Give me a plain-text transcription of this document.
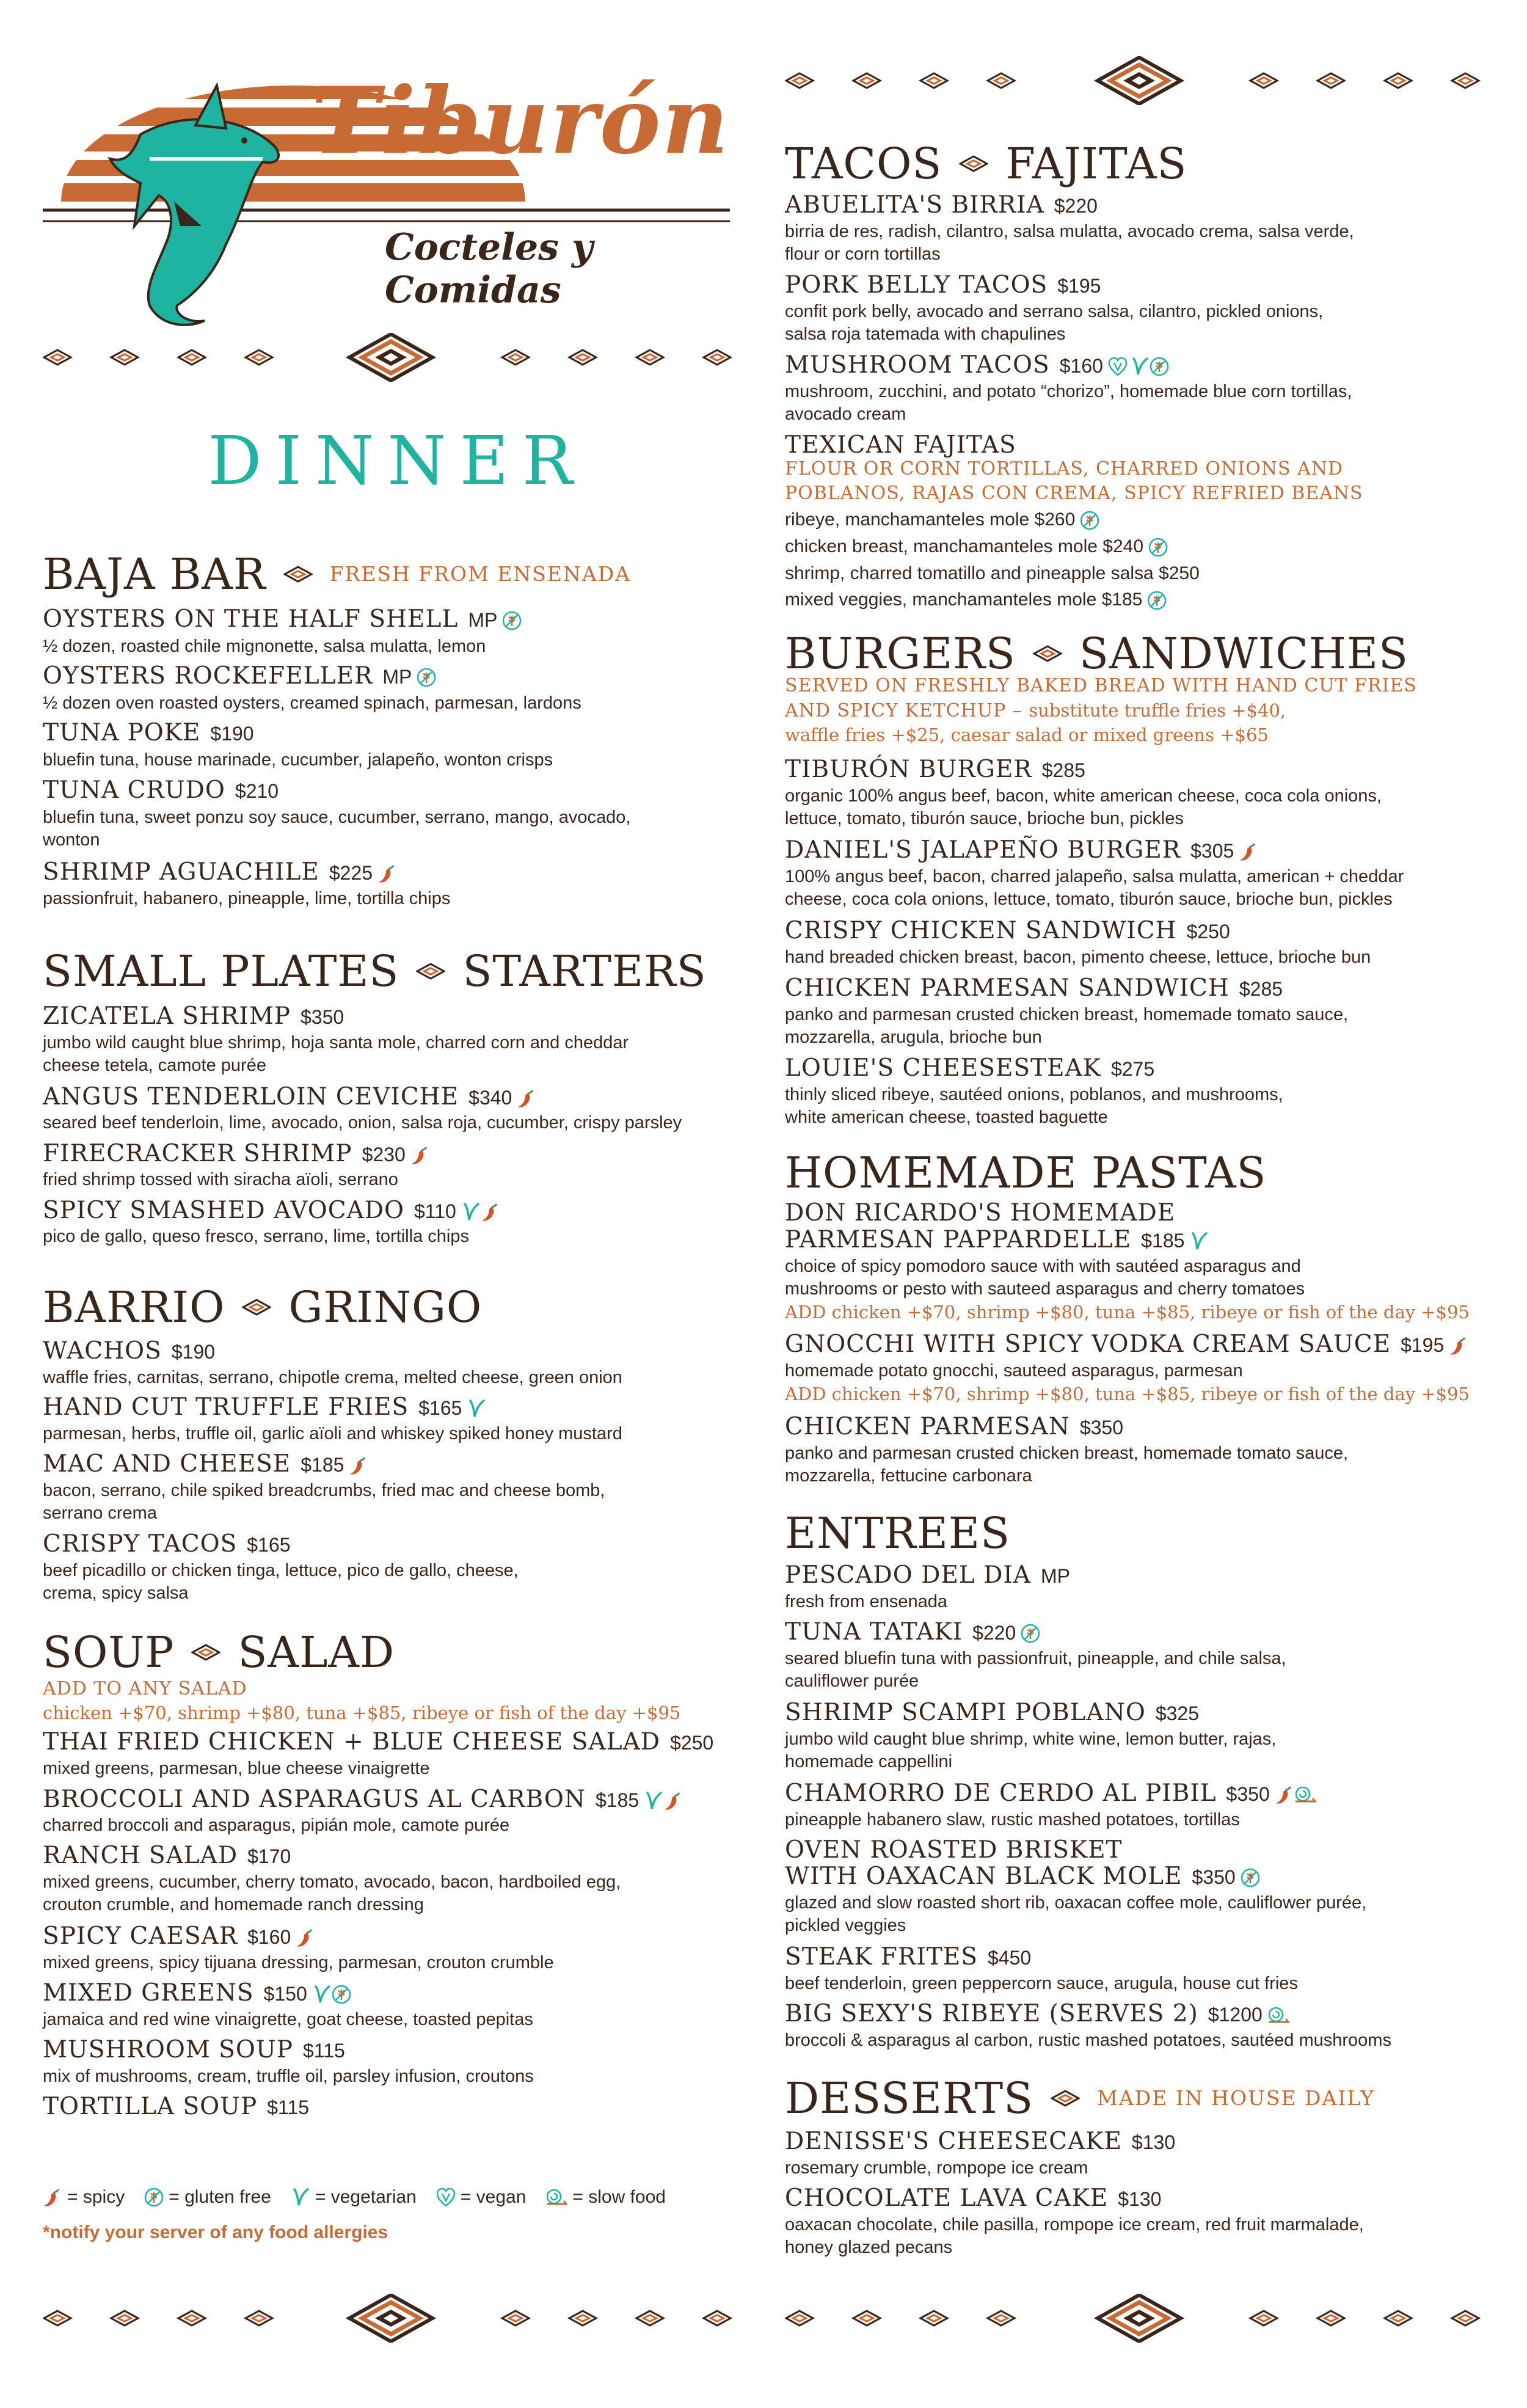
Tiburón
Cocteles y Comidas
DINNER
BAJA BAR	FRESH FROM ENSENADA
OYSTERS ON THE HALF SHELL MP
½ dozen, roasted chile mignonette, salsa mulatta, lemon
OYSTERS ROCKEFELLER MP
½ dozen oven roasted oysters, creamed spinach, parmesan, lardons
TUNA POKE $190
bluefin tuna, house marinade, cucumber, jalapeño, wonton crisps
TUNA CRUDO $210
bluefin tuna, sweet ponzu soy sauce, cucumber, serrano, mango, avocado,
wonton
SHRIMP AGUACHILE $225
passionfruit, habanero, pineapple, lime, tortilla chips
SMALL PLATES STARTERS
ZICATELA SHRIMP $350
jumbo wild caught blue shrimp, hoja santa mole, charred corn and cheddar
cheese tetela, camote purée
ANGUS TENDERLOIN CEVICHE $340
seared beef tenderloin, lime, avocado, onion, salsa roja, cucumber, crispy parsley
FIRECRACKER SHRIMP $230
fried shrimp tossed with siracha aïoli, serrano
SPICY SMASHED AVOCADO $110
pico de gallo, queso fresco, serrano, lime, tortilla chips
BARRIO GRINGO
WACHOS $190
waffle fries, carnitas, serrano, chipotle crema, melted cheese, green onion
HAND CUT TRUFFLE FRIES $165
parmesan, herbs, truffle oil, garlic aïoli and whiskey spiked honey mustard
MAC AND CHEESE $185
bacon, serrano, chile spiked breadcrumbs, fried mac and cheese bomb,
serrano crema
CRISPY TACOS $165
beef picadillo or chicken tinga, lettuce, pico de gallo, cheese,
crema, spicy salsa
SOUP SALAD
ADD TO ANY SALAD
chicken +$70, shrimp +$80, tuna +$85, ribeye or fish of the day +$95
THAI FRIED CHICKEN + BLUE CHEESE SALAD $250
mixed greens, parmesan, blue cheese vinaigrette
BROCCOLI AND ASPARAGUS AL CARBON $185
charred broccoli and asparagus, pipián mole, camote purée
RANCH SALAD $170
mixed greens, cucumber, cherry tomato, avocado, bacon, hardboiled egg,
crouton crumble, and homemade ranch dressing
SPICY CAESAR $160
mixed greens, spicy tijuana dressing, parmesan, crouton crumble
MIXED GREENS $150
jamaica and red wine vinaigrette, goat cheese, toasted pepitas
MUSHROOM SOUP $115
mix of mushrooms, cream, truffle oil, parsley infusion, croutons
TORTILLA SOUP $115
= spicy = gluten free = vegetarian = vegan	= slow food
*notify your server of any food allergies
TACOS FAJITAS
ABUELITA'S BIRRIA $220
birria de res, radish, cilantro, salsa mulatta, avocado crema, salsa verde,
flour or corn tortillas
PORK BELLY TACOS $195
confit pork belly, avocado and serrano salsa, cilantro, pickled onions,
salsa roja tatemada with chapulines
MUSHROOM TACOS $160
mushroom, zucchini, and potato “chorizo”, homemade blue corn tortillas,
avocado cream
TEXICAN FAJITAS
FLOUR OR CORN TORTILLAS, CHARRED ONIONS AND
POBLANOS, RAJAS CON CREMA, SPICY REFRIED BEANS
ribeye, manchamanteles mole $260
chicken breast, manchamanteles mole $240
shrimp, charred tomatillo and pineapple salsa $250
mixed veggies, manchamanteles mole $185
BURGERS SANDWICHES
SERVED ON FRESHLY BAKED BREAD WITH HAND CUT FRIES
AND SPICY KETCHUP – substitute truffle fries +$40,
waffle fries +$25, caesar salad or mixed greens +$65
TIBURÓN BURGER $285
organic 100% angus beef, bacon, white american cheese, coca cola onions,
lettuce, tomato, tiburón sauce, brioche bun, pickles
DANIEL'S JALAPEÑO BURGER $305
100% angus beef, bacon, charred jalapeño, salsa mulatta, american + cheddar
cheese, coca cola onions, lettuce, tomato, tiburón sauce, brioche bun, pickles
CRISPY CHICKEN SANDWICH $250
hand breaded chicken breast, bacon, pimento cheese, lettuce, brioche bun
CHICKEN PARMESAN SANDWICH $285
panko and parmesan crusted chicken breast, homemade tomato sauce,
mozzarella, arugula, brioche bun
LOUIE'S CHEESESTEAK $275
thinly sliced ribeye, sautéed onions, poblanos, and mushrooms,
white american cheese, toasted baguette
HOMEMADE PASTAS
DON RICARDO'S HOMEMADE
PARMESAN PAPPARDELLE $185
choice of spicy pomodoro sauce with with sautéed asparagus and
mushrooms or pesto with sauteed asparagus and cherry tomatoes
ADD chicken +$70, shrimp +$80, tuna +$85, ribeye or fish of the day +$95
GNOCCHI WITH SPICY VODKA CREAM SAUCE $195
homemade potato gnocchi, sauteed asparagus, parmesan
ADD chicken +$70, shrimp +$80, tuna +$85, ribeye or fish of the day +$95
CHICKEN PARMESAN $350
panko and parmesan crusted chicken breast, homemade tomato sauce,
mozzarella, fettucine carbonara
ENTREES
PESCADO DEL DIA MP
fresh from ensenada
TUNA TATAKI $220
seared bluefin tuna with passionfruit, pineapple, and chile salsa,
cauliflower purée
SHRIMP SCAMPI POBLANO $325
jumbo wild caught blue shrimp, white wine, lemon butter, rajas,
homemade cappellini
CHAMORRO DE CERDO AL PIBIL $350
pineapple habanero slaw, rustic mashed potatoes, tortillas
OVEN ROASTED BRISKET
WITH OAXACAN BLACK MOLE $350
glazed and slow roasted short rib, oaxacan coffee mole, cauliflower purée,
pickled veggies
STEAK FRITES $450
beef tenderloin, green peppercorn sauce, arugula, house cut fries
BIG SEXY'S RIBEYE (SERVES 2) $1200
broccoli & asparagus al carbon, rustic mashed potatoes, sautéed mushrooms
DESSERTS	MADE IN HOUSE DAILY
DENISSE'S CHEESECAKE $130
rosemary crumble, rompope ice cream
CHOCOLATE LAVA CAKE $130
oaxacan chocolate, chile pasilla, rompope ice cream, red fruit marmalade,
honey glazed pecans
